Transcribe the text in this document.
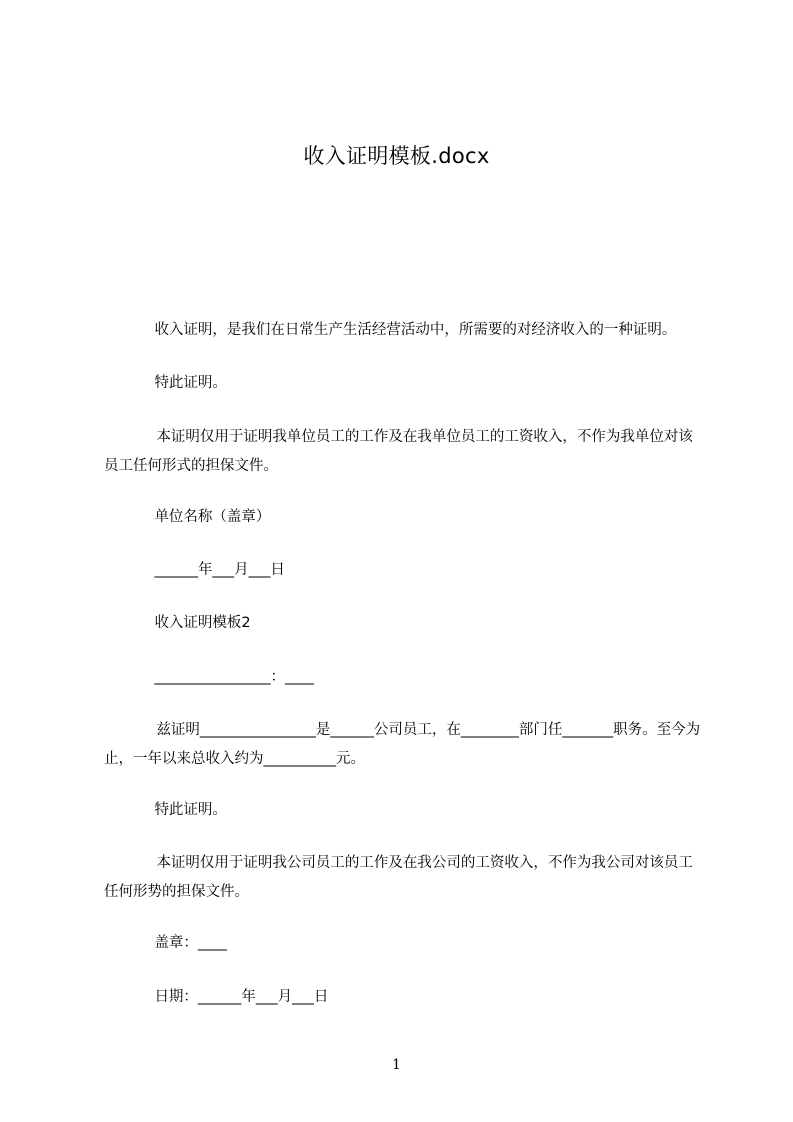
收入证明模板.docx

收入证明，是我们在日常生产生活经营活动中，所需要的对经济收入的一种证明。

特此证明。

本证明仅用于证明我单位员工的工作及在我单位员工的工资收入，不作为我单位对该员工任何形式的担保文件。

单位名称（盖章）

______年___月___日

收入证明模板2

________________：____

兹证明________________是______公司员工，在________部门任_______职务。至今为止，一年以来总收入约为__________元。

特此证明。

本证明仅用于证明我公司员工的工作及在我公司的工资收入，不作为我公司对该员工任何形势的担保文件。

盖章：____

日期：______年___月___日

1
